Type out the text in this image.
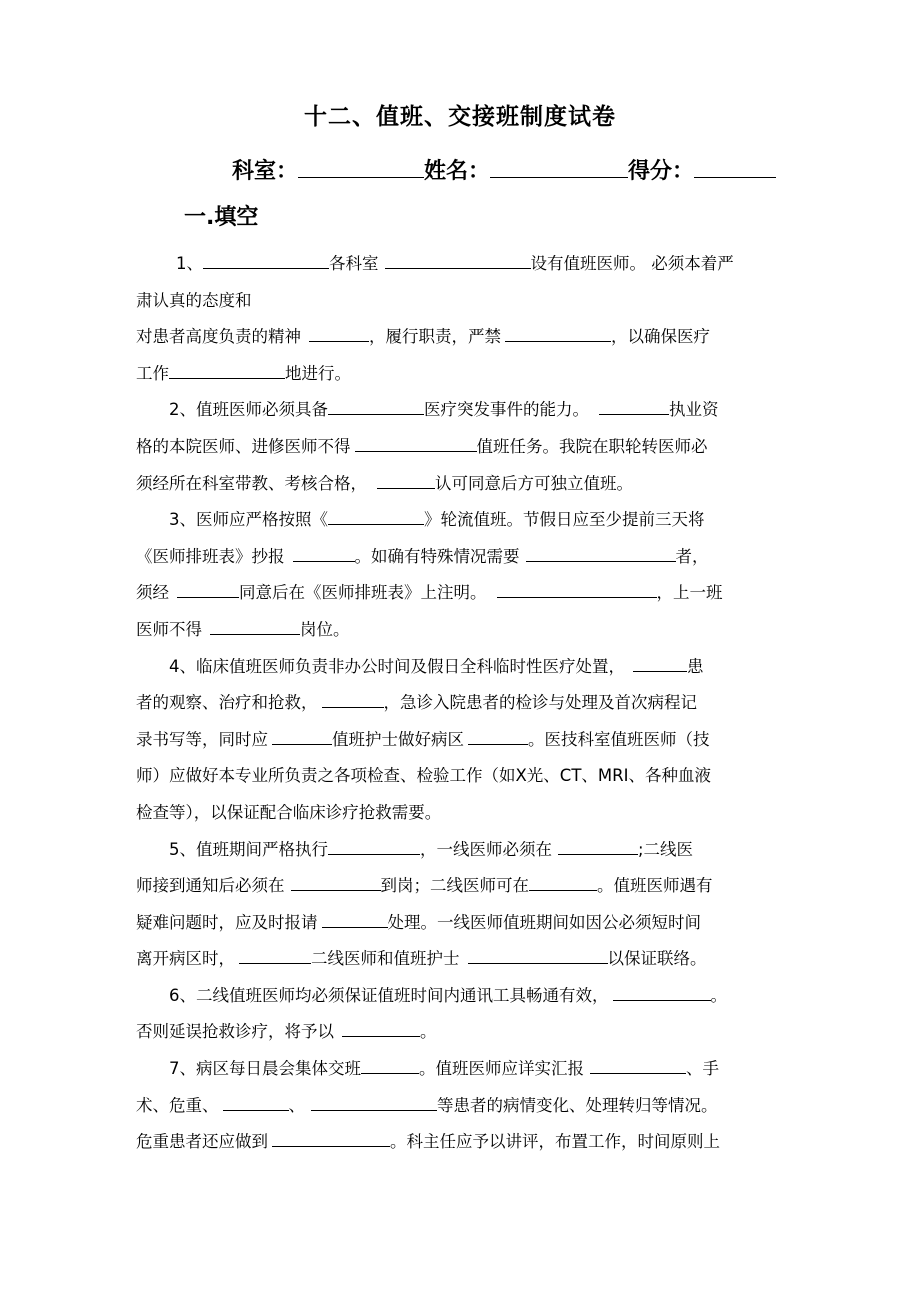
十二、值班、交接班制度试卷
科室：	姓名：	得分：
一.填空
1、	各科室	设有值班医师。 必须本着严
肃认真的态度和
对患者高度负责的精神	，履行职责，严禁	，以确保医疗
工作	地进行。
2、值班医师必须具备	医疗突发事件的能力。	执业资
格的本院医师、进修医师不得	值班任务。我院在职轮转医师必
须经所在科室带教、考核合格，	认可同意后方可独立值班。
3、医师应严格按照《	》轮流值班。节假日应至少提前三天将
《医师排班表》抄报	。如确有特殊情况需要	者，
须经	同意后在《医师排班表》上注明。	，上一班
医师不得	岗位。
4、临床值班医师负责非办公时间及假日全科临时性医疗处置，	患
者的观察、治疗和抢救，	，急诊入院患者的检诊与处理及首次病程记
录书写等，同时应	值班护士做好病区	。医技科室值班医师（技
师）应做好本专业所负责之各项检查、检验工作（如X光、CT、MRI、各种血液
检查等），以保证配合临床诊疗抢救需要。
5、值班期间严格执行	，一线医师必须在	;二线医
师接到通知后必须在	到岗；二线医师可在	。值班医师遇有
疑难问题时，应及时报请	处理。一线医师值班期间如因公必须短时间
离开病区时，	二线医师和值班护士	以保证联络。
6、二线值班医师均必须保证值班时间内通讯工具畅通有效，	。
否则延误抢救诊疗，将予以	。
7、病区每日晨会集体交班	。值班医师应详实汇报	、手
术、危重、	、	等患者的病情变化、处理转归等情况。
危重患者还应做到	。科主任应予以讲评，布置工作，时间原则上
